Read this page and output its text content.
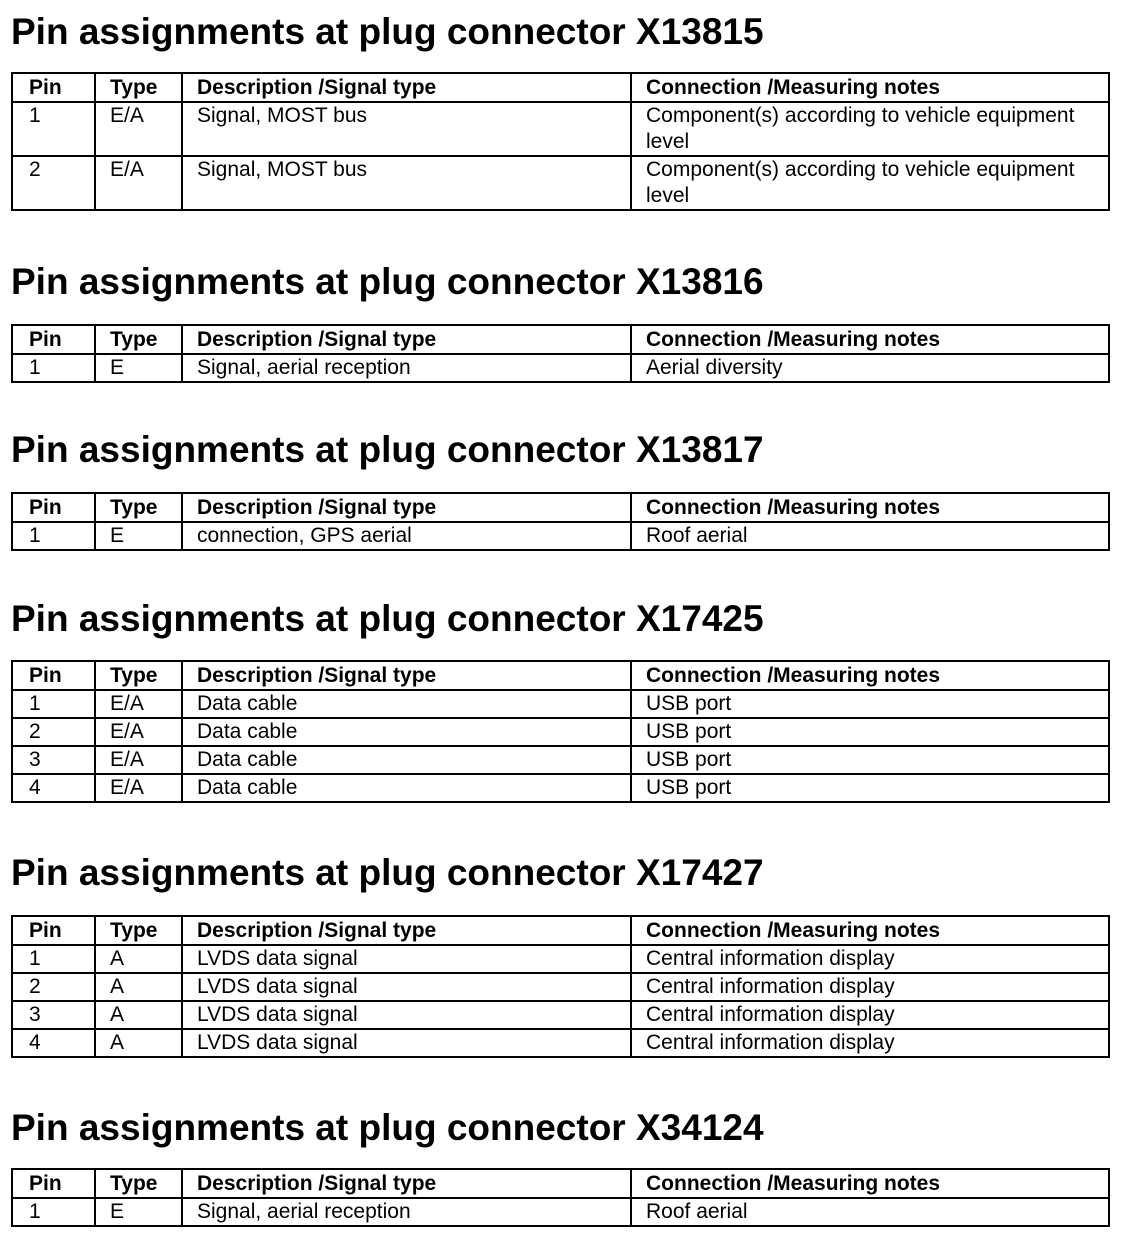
Pin assignments at plug connector X13815
Pin	Type	Description /Signal type	Connection /Measuring notes
1	E/A	Signal, MOST bus	Component(s) according to vehicle equipment level
2	E/A	Signal, MOST bus	Component(s) according to vehicle equipment level
Pin assignments at plug connector X13816
Pin	Type	Description /Signal type	Connection /Measuring notes
1	E	Signal, aerial reception	Aerial diversity
Pin assignments at plug connector X13817
Pin	Type	Description /Signal type	Connection /Measuring notes
1	E	connection, GPS aerial	Roof aerial
Pin assignments at plug connector X17425
Pin	Type	Description /Signal type	Connection /Measuring notes
1	E/A	Data cable	USB port
2	E/A	Data cable	USB port
3	E/A	Data cable	USB port
4	E/A	Data cable	USB port
Pin assignments at plug connector X17427
Pin	Type	Description /Signal type	Connection /Measuring notes
1	A	LVDS data signal	Central information display
2	A	LVDS data signal	Central information display
3	A	LVDS data signal	Central information display
4	A	LVDS data signal	Central information display
Pin assignments at plug connector X34124
Pin	Type	Description /Signal type	Connection /Measuring notes
1	E	Signal, aerial reception	Roof aerial
